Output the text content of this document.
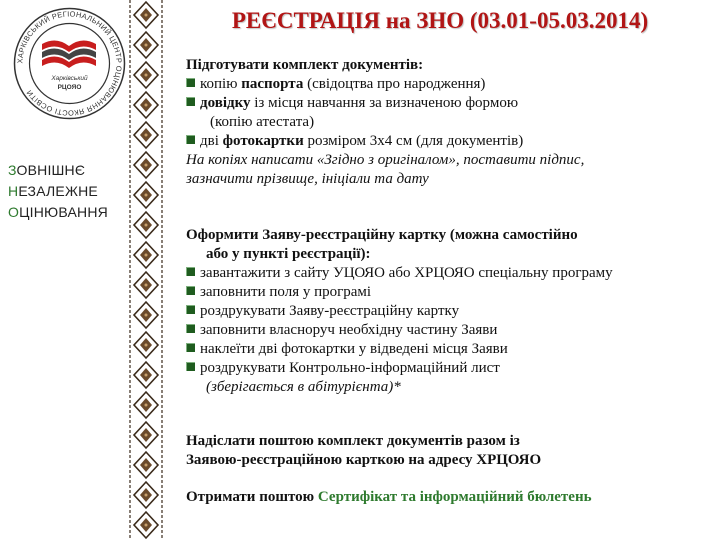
ХАРКІВСЬКИЙ РЕГІОНАЛЬНИЙ ЦЕНТР ОЦІНЮВАННЯ ЯКОСТІ ОСВІТИ
Харківський
РЦОЯО
ЗОВНІШНЄ
НЕЗАЛЕЖНЕ
ОЦІНЮВАННЯ
РЕЄСТРАЦІЯ на ЗНО (03.01-05.03.2014)
Підготувати комплект документів:
копію паспорта (свідоцтва про народження)
довідку із місця навчання за визначеною формою
(копію атестата)
дві фотокартки розміром 3х4 см (для документів)
На копіях написати «Згідно з оригіналом», поставити підпис,
зазначити прізвище, ініціали та дату
Оформити Заяву-реєстраційну картку (можна самостійно
або у пункті реєстрації):
завантажити з сайту УЦОЯО або ХРЦОЯО спеціальну програму
заповнити поля у програмі
роздрукувати Заяву-реєстраційну картку
заповнити власноруч необхідну частину Заяви
наклеїти дві фотокартки у відведені місця Заяви
роздрукувати Контрольно-інформаційний лист
(зберігається в абітурієнта)*
Надіслати поштою комплект документів разом із
Заявою-реєстраційною карткою на адресу ХРЦОЯО
Отримати поштою Сертифікат та інформаційний бюлетень
